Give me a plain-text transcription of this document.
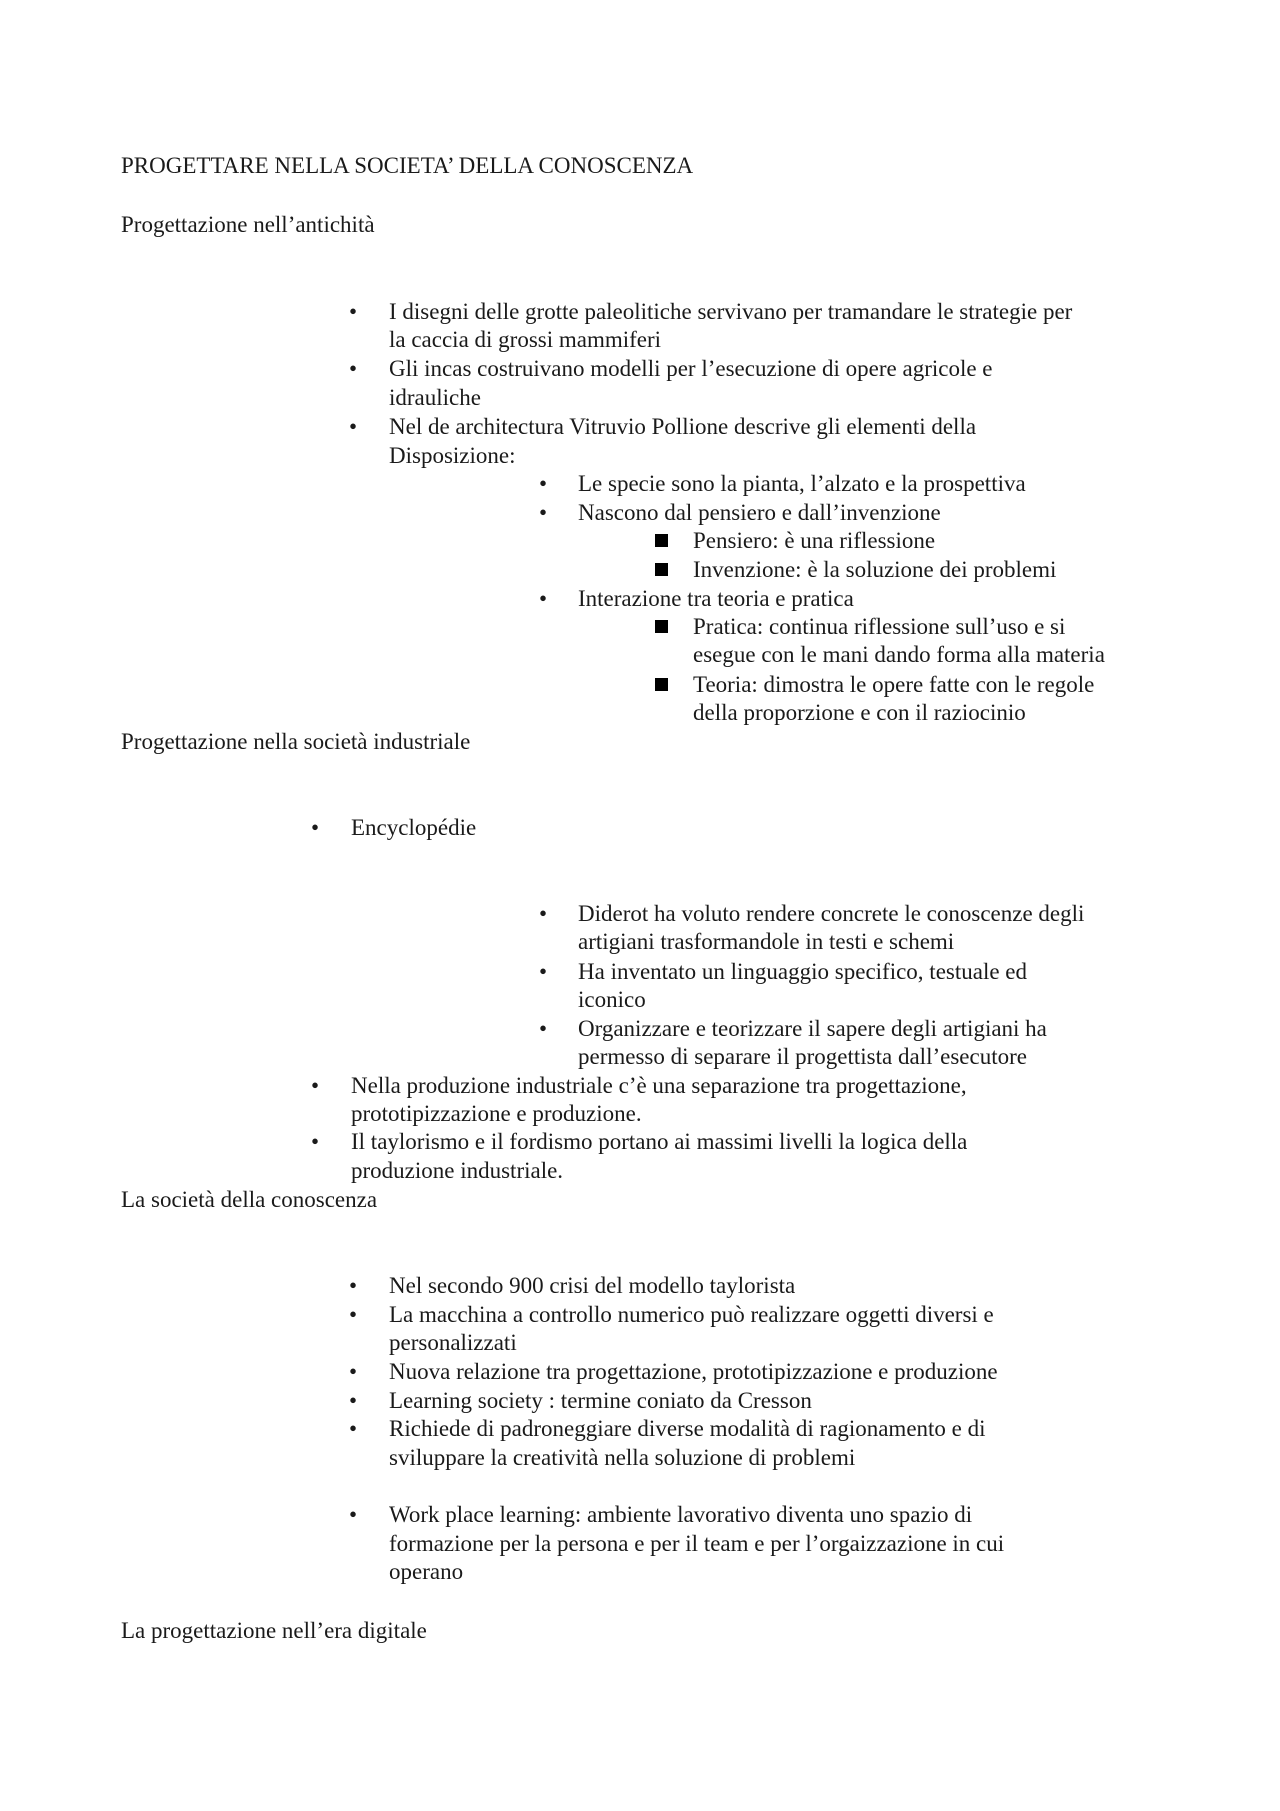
PROGETTARE NELLA SOCIETA’ DELLA CONOSCENZA
Progettazione nell’antichità
• I disegni delle grotte paleolitiche servivano per tramandare le strategie per
la caccia di grossi mammiferi
• Gli incas costruivano modelli per l’esecuzione di opere agricole e
idrauliche
• Nel de architectura Vitruvio Pollione descrive gli elementi della
Disposizione:
• Le specie sono la pianta, l’alzato e la prospettiva
• Nascono dal pensiero e dall’invenzione
Pensiero: è una riflessione
Invenzione: è la soluzione dei problemi
• Interazione tra teoria e pratica
Pratica: continua riflessione sull’uso e si
esegue con le mani dando forma alla materia
Teoria: dimostra le opere fatte con le regole
della proporzione e con il raziocinio
Progettazione nella società industriale
• Encyclopédie
• Diderot ha voluto rendere concrete le conoscenze degli
artigiani trasformandole in testi e schemi
• Ha inventato un linguaggio specifico, testuale ed
iconico
• Organizzare e teorizzare il sapere degli artigiani ha
permesso di separare il progettista dall’esecutore
• Nella produzione industriale c’è una separazione tra progettazione,
prototipizzazione e produzione.
• Il taylorismo e il fordismo portano ai massimi livelli la logica della
produzione industriale.
La società della conoscenza
• Nel secondo 900 crisi del modello taylorista
• La macchina a controllo numerico può realizzare oggetti diversi e
personalizzati
• Nuova relazione tra progettazione, prototipizzazione e produzione
• Learning society : termine coniato da Cresson
• Richiede di padroneggiare diverse modalità di ragionamento e di
sviluppare la creatività nella soluzione di problemi
• Work place learning: ambiente lavorativo diventa uno spazio di
formazione per la persona e per il team e per l’orgaizzazione in cui
operano
La progettazione nell’era digitale
